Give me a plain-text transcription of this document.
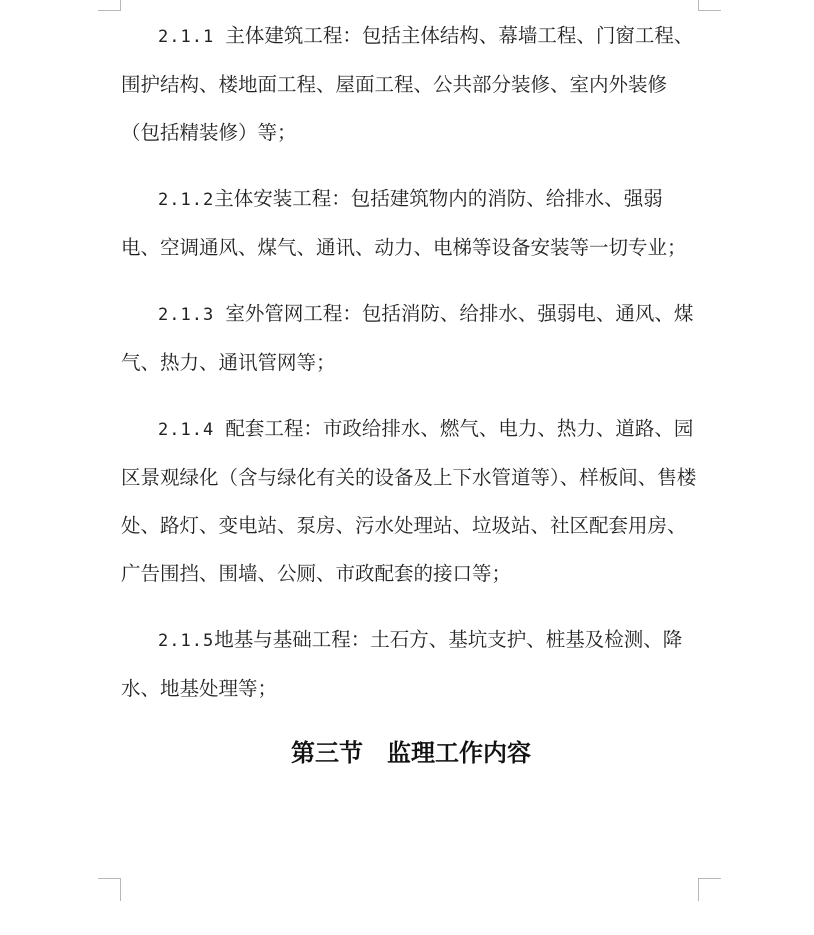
2.1.1 主体建筑工程：包括主体结构、幕墙工程、门窗工程、围护结构、楼地面工程、屋面工程、公共部分装修、室内外装修（包括精装修）等；

2.1.2主体安装工程：包括建筑物内的消防、给排水、强弱电、空调通风、煤气、通讯、动力、电梯等设备安装等一切专业；

2.1.3 室外管网工程：包括消防、给排水、强弱电、通风、煤气、热力、通讯管网等；

2.1.4 配套工程：市政给排水、燃气、电力、热力、道路、园区景观绿化（含与绿化有关的设备及上下水管道等）、样板间、售楼处、路灯、变电站、泵房、污水处理站、垃圾站、社区配套用房、广告围挡、围墙、公厕、市政配套的接口等；

2.1.5地基与基础工程：土石方、基坑支护、桩基及检测、降水、地基处理等；

第三节　监理工作内容
